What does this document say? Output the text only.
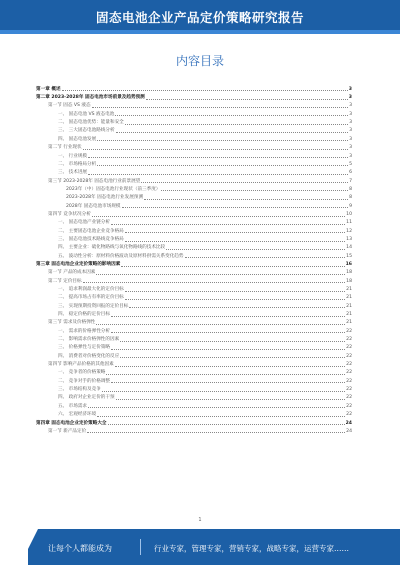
固态电池企业产品定价策略研究报告
内容目录
第一章 概述	3
第二章 2023-2028年 固态电池市场前景及趋势预测	3
第一节 固态 VS 液态	3
一、 固态电池 VS 液态电池	3
二、 固态电池优势：能量和安全	3
三、 三大固态电池路线分析	3
四、 固态电池发展	3
第二节 行业现状	3
一、 行业规模	3
二、 市场格局分析	5
三、 技术进展	6
第三节 2023-2028年 固态电池行业前景展望	7
2023年（中）固态电池行业现状（前三季度）	8
2023-2028年 固态电池行业发展预测	8
2028年 固态电池市场规模	9
第四节 竞争状况分析	10
一、 固态电池产业链分析	11
二、 主要固态电池企业竞争格局	12
三、 固态电池技术路线竞争格局	13
四、 主要企业：硫化物路线与氧化物路线的技术比较	14
五、 波动性分析：原材料价格波动及原材料供需关系变化趋势	15
第三章 固态电池企业定价策略的影响因素	16
第一节 产品的成本因素	18
第二节 定价目标	18
一、 追求利润最大化的定价目标	21
二、 提高市场占有率的定价目标	21
三、 实现预期投资回报的定价目标	21
四、 稳定价格的定价目标	21
第三节 需求及价格弹性	21
一、 需求的价格弹性分析	22
二、 影响需求价格弹性的因素	22
三、 价格弹性与定价策略	22
四、 消费者对价格变化的反应	22
第四节 影响产品价格的其他因素	22
一、 竞争者的价格策略	22
二、 竞争对手的价格调整	22
三、 市场结构及竞争	22
四、 政府对企业定价的干预	22
五、 市场需求	22
六、 宏观经济环境	22
第四章 固态电池企业定价策略大全	24
第一节 新产品定价	24
1
让每个人都能成为	行业专家，管理专家，营销专家，战略专家，运营专家……
